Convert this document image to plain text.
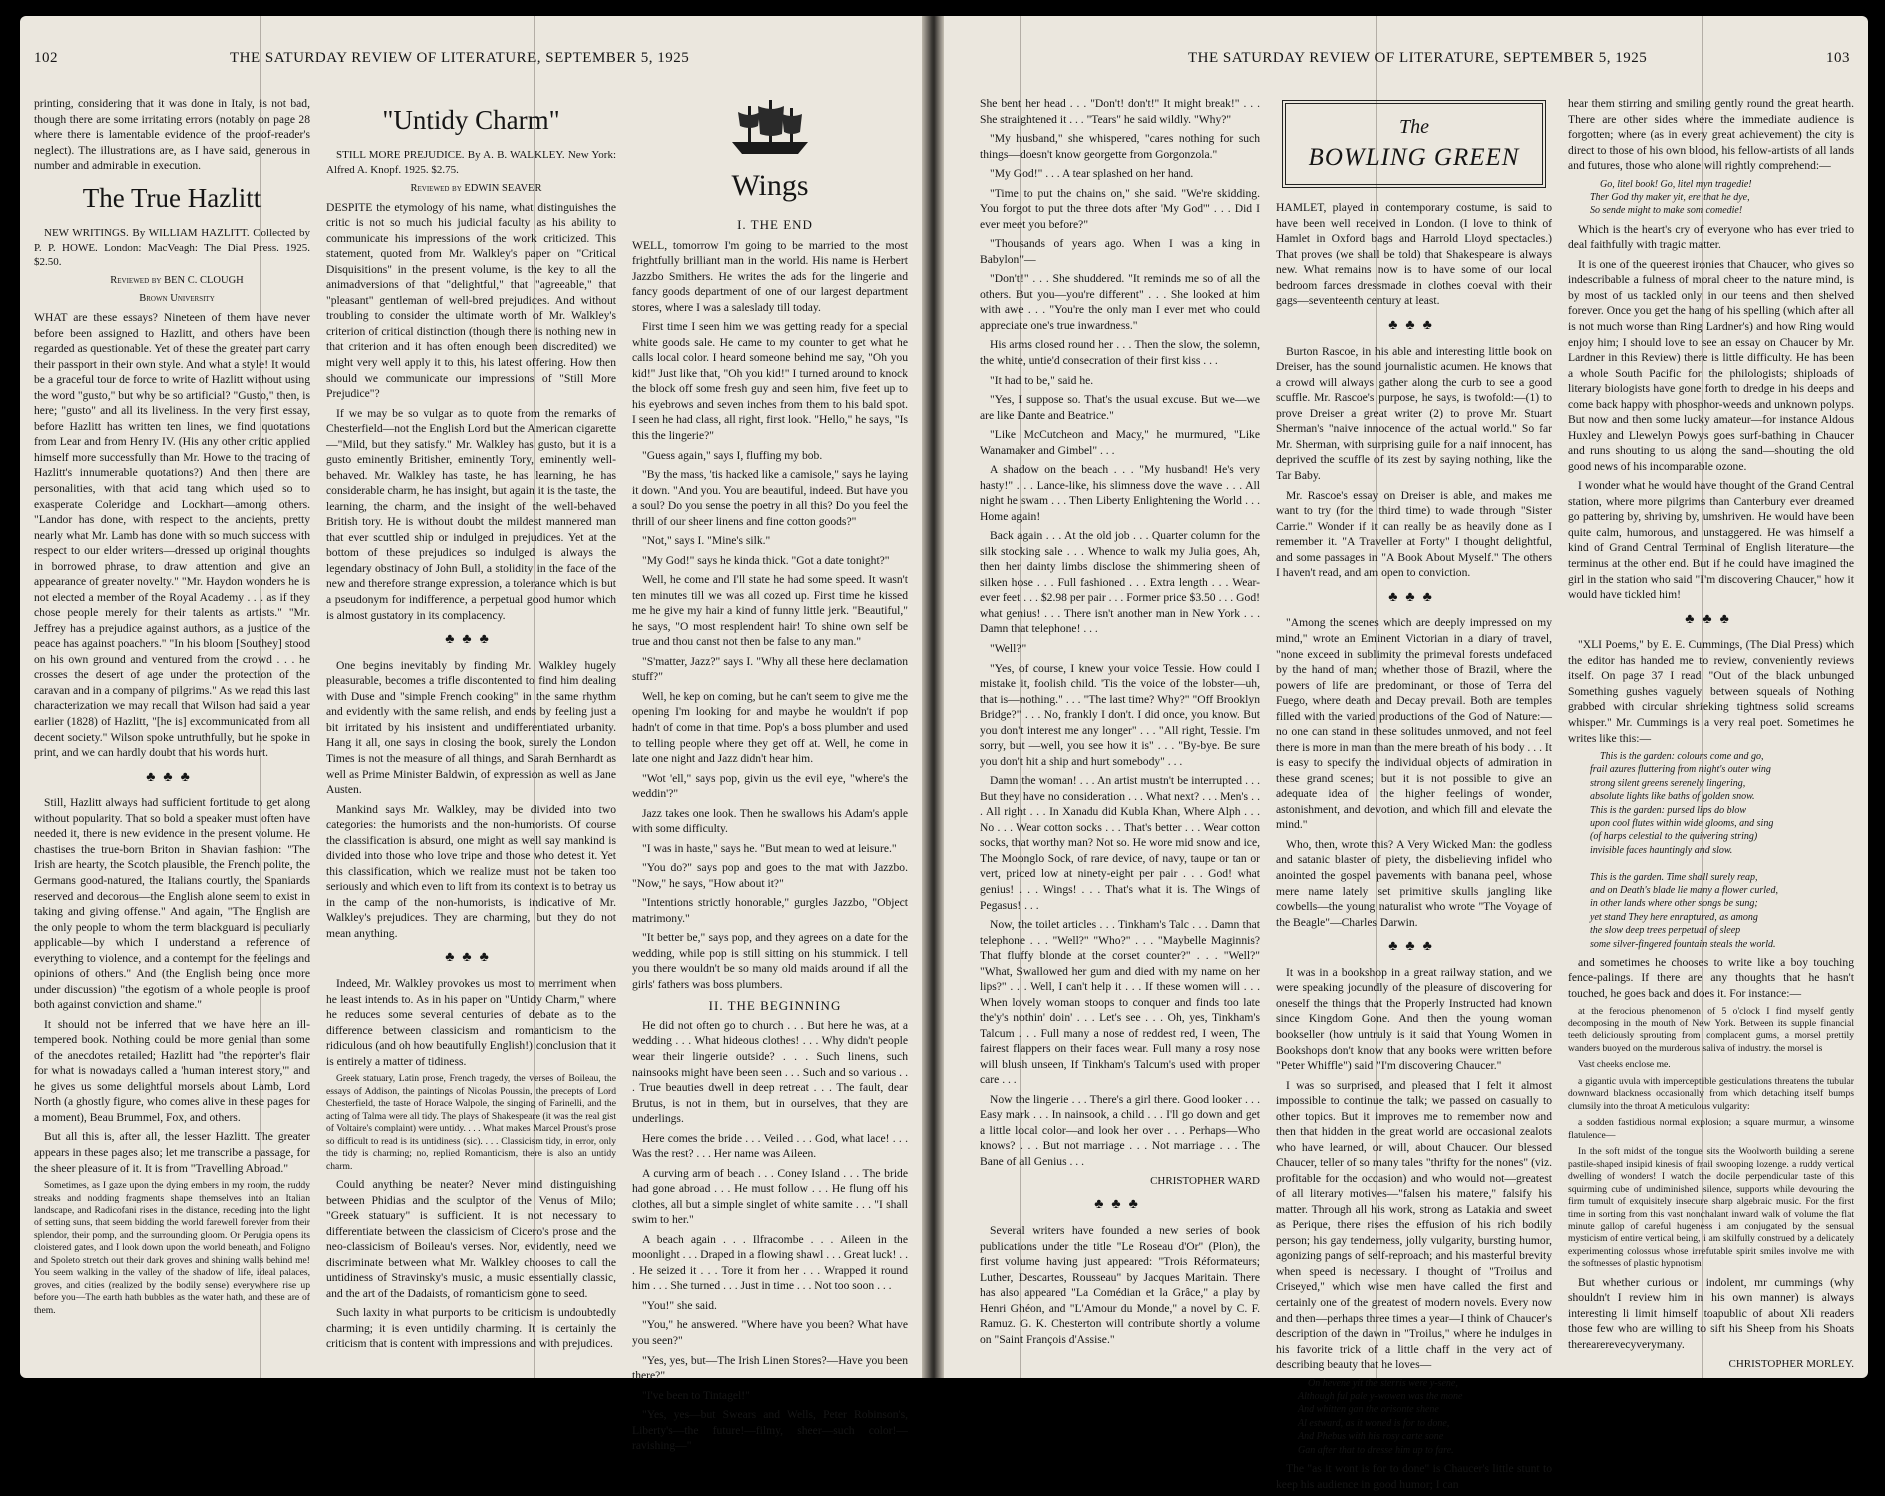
102	THE SATURDAY REVIEW OF LITERATURE, SEPTEMBER 5, 1925

printing, considering that it was done in Italy, is not bad, though there are some irritating errors (notably on page 28 where there is lamentable evidence of the proof-reader's neglect). The illustrations are, as I have said, generous in number and admirable in execution.

The True Hazlitt

NEW WRITINGS. By WILLIAM HAZLITT. Collected by P. P. HOWE. London: MacVeagh: The Dial Press. 1925. $2.50.

Reviewed by BEN C. CLOUGH

Brown University

WHAT are these essays? Nineteen of them have never before been assigned to Hazlitt, and others have been regarded as questionable. Yet of these the greater part carry their passport in their own style. And what a style! It would be a graceful tour de force to write of Hazlitt without using the word "gusto," but why be so artificial? "Gusto," then, is here; "gusto" and all its liveliness. In the very first essay, before Hazlitt has written ten lines, we find quotations from Lear and from Henry IV. (His any other critic applied himself more successfully than Mr. Howe to the tracing of Hazlitt's innumerable quotations?) And then there are personalities, with that acid tang which used so to exasperate Coleridge and Lockhart—among others. "Landor has done, with respect to the ancients, pretty nearly what Mr. Lamb has done with so much success with respect to our elder writers—dressed up original thoughts in borrowed phrase, to draw attention and give an appearance of greater novelty." "Mr. Haydon wonders he is not elected a member of the Royal Academy . . . as if they chose people merely for their talents as artists." "Mr. Jeffrey has a prejudice against authors, as a justice of the peace has against poachers." "In his bloom [Southey] stood on his own ground and ventured from the crowd . . . he crosses the desert of age under the protection of the caravan and in a company of pilgrims." As we read this last characterization we may recall that Wilson had said a year earlier (1828) of Hazlitt, "[he is] excommunicated from all decent society." Wilson spoke untruthfully, but he spoke in print, and we can hardly doubt that his words hurt.

♣♣♣

Still, Hazlitt always had sufficient fortitude to get along without popularity. That so bold a speaker must often have needed it, there is new evidence in the present volume. He chastises the true-born Briton in Shavian fashion: "The Irish are hearty, the Scotch plausible, the French polite, the Germans good-natured, the Italians courtly, the Spaniards reserved and decorous—the English alone seem to exist in taking and giving offense." And again, "The English are the only people to whom the term blackguard is peculiarly applicable—by which I understand a reference of everything to violence, and a contempt for the feelings and opinions of others." And (the English being once more under discussion) "the egotism of a whole people is proof both against conviction and shame."

It should not be inferred that we have here an ill-tempered book. Nothing could be more genial than some of the anecdotes retailed; Hazlitt had "the reporter's flair for what is nowadays called a 'human interest story,'" and he gives us some delightful morsels about Lamb, Lord North (a ghostly figure, who comes alive in these pages for a moment), Beau Brummel, Fox, and others.

But all this is, after all, the lesser Hazlitt. The greater appears in these pages also; let me transcribe a passage, for the sheer pleasure of it. It is from "Travelling Abroad."

Sometimes, as I gaze upon the dying embers in my room, the ruddy streaks and nodding fragments shape themselves into an Italian landscape, and Radicofani rises in the distance, receding into the light of setting suns, that seem bidding the world farewell forever from their splendor, their pomp, and the surrounding gloom. Or Perugia opens its cloistered gates, and I look down upon the world beneath, and Foligno and Spoleto stretch out their dark groves and shining walls behind me! You seem walking in the valley of the shadow of life, ideal palaces, groves, and cities (realized by the bodily sense) everywhere rise up before you—The earth hath bubbles as the water hath, and these are of them.

"Untidy Charm"

STILL MORE PREJUDICE. By A. B. WALKLEY. New York: Alfred A. Knopf. 1925. $2.75.

Reviewed by EDWIN SEAVER

DESPITE the etymology of his name, what distinguishes the critic is not so much his judicial faculty as his ability to communicate his impressions of the work criticized. This statement, quoted from Mr. Walkley's paper on "Critical Disquisitions" in the present volume, is the key to all the animadversions of that "delightful," that "agreeable," that "pleasant" gentleman of well-bred prejudices. And without troubling to consider the ultimate worth of Mr. Walkley's criterion of critical distinction (though there is nothing new in that criterion and it has often enough been discredited) we might very well apply it to this, his latest offering. How then should we communicate our impressions of "Still More Prejudice"?

If we may be so vulgar as to quote from the remarks of Chesterfield—not the English Lord but the American cigarette—"Mild, but they satisfy." Mr. Walkley has gusto, but it is a gusto eminently Britisher, eminently Tory, eminently well-behaved. Mr. Walkley has taste, he has learning, he has considerable charm, he has insight, but again it is the taste, the learning, the charm, and the insight of the well-behaved British tory. He is without doubt the mildest mannered man that ever scuttled ship or indulged in prejudices. Yet at the bottom of these prejudices so indulged is always the legendary obstinacy of John Bull, a stolidity in the face of the new and therefore strange expression, a tolerance which is but a pseudonym for indifference, a perpetual good humor which is almost gustatory in its complacency.

♣♣♣

One begins inevitably by finding Mr. Walkley hugely pleasurable, becomes a trifle discontented to find him dealing with Duse and "simple French cooking" in the same rhythm and evidently with the same relish, and ends by feeling just a bit irritated by his insistent and undifferentiated urbanity. Hang it all, one says in closing the book, surely the London Times is not the measure of all things, and Sarah Bernhardt as well as Prime Minister Baldwin, of expression as well as Jane Austen.

Mankind says Mr. Walkley, may be divided into two categories: the humorists and the non-humorists. Of course the classification is absurd, one might as well say mankind is divided into those who love tripe and those who detest it. Yet this classification, which we realize must not be taken too seriously and which even to lift from its context is to betray us in the camp of the non-humorists, is indicative of Mr. Walkley's prejudices. They are charming, but they do not mean anything.

♣♣♣

Indeed, Mr. Walkley provokes us most to merriment when he least intends to. As in his paper on "Untidy Charm," where he reduces some several centuries of debate as to the difference between classicism and romanticism to the ridiculous (and oh how beautifully English!) conclusion that it is entirely a matter of tidiness.

Greek statuary, Latin prose, French tragedy, the verses of Boileau, the essays of Addison, the paintings of Nicolas Poussin, the precepts of Lord Chesterfield, the taste of Horace Walpole, the singing of Farinelli, and the acting of Talma were all tidy. The plays of Shakespeare (it was the real gist of Voltaire's complaint) were untidy. . . . What makes Marcel Proust's prose so difficult to read is its untidiness (sic). . . . Classicism tidy, in error, only the tidy is charming; no, replied Romanticism, there is also an untidy charm.

Could anything be neater? Never mind distinguishing between Phidias and the sculptor of the Venus of Milo; "Greek statuary" is sufficient. It is not necessary to differentiate between the classicism of Cicero's prose and the neo-classicism of Boileau's verses. Nor, evidently, need we discriminate between what Mr. Walkley chooses to call the untidiness of Stravinsky's music, a music essentially classic, and the art of the Dadaists, of romanticism gone to seed.

Such laxity in what purports to be criticism is undoubtedly charming; it is even untidily charming. It is certainly the criticism that is content with impressions and with prejudices.

Wings

I. THE END

WELL, tomorrow I'm going to be married to the most frightfully brilliant man in the world. His name is Herbert Jazzbo Smithers. He writes the ads for the lingerie and fancy goods department of one of our largest department stores, where I was a saleslady till today.

First time I seen him we was getting ready for a special white goods sale. He came to my counter to get what he calls local color. I heard someone behind me say, "Oh you kid!" Just like that, "Oh you kid!" I turned around to knock the block off some fresh guy and seen him, five feet up to his eyebrows and seven inches from them to his bald spot. I seen he had class, all right, first look. "Hello," he says, "Is this the lingerie?"

"Guess again," says I, fluffing my bob.

"By the mass, 'tis hacked like a camisole," says he laying it down. "And you. You are beautiful, indeed. But have you a soul? Do you sense the poetry in all this? Do you feel the thrill of our sheer linens and fine cotton goods?"

"Not," says I. "Mine's silk."

"My God!" says he kinda thick. "Got a date tonight?"

Well, he come and I'll state he had some speed. It wasn't ten minutes till we was all cozed up. First time he kissed me he give my hair a kind of funny little jerk. "Beautiful," he says, "O most resplendent hair! To shine own self be true and thou canst not then be false to any man."

"S'matter, Jazz?" says I. "Why all these here declamation stuff?"

Well, he kep on coming, but he can't seem to give me the opening I'm looking for and maybe he wouldn't if pop hadn't of come in that time. Pop's a boss plumber and used to telling people where they get off at. Well, he come in late one night and Jazz didn't hear him.

"Wot 'ell," says pop, givin us the evil eye, "where's the weddin'?"

Jazz takes one look. Then he swallows his Adam's apple with some difficulty.

"I was in haste," says he. "But mean to wed at leisure."

"You do?" says pop and goes to the mat with Jazzbo. "Now," he says, "How about it?"

"Intentions strictly honorable," gurgles Jazzbo, "Object matrimony."

"It better be," says pop, and they agrees on a date for the wedding, while pop is still sitting on his stummick. I tell you there wouldn't be so many old maids around if all the girls' fathers was boss plumbers.

II. THE BEGINNING

He did not often go to church . . . But here he was, at a wedding . . . What hideous clothes! . . . Why didn't people wear their lingerie outside? . . . Such linens, such nainsooks might have been seen . . . Such and so various . . . True beauties dwell in deep retreat . . . The fault, dear Brutus, is not in them, but in ourselves, that they are underlings.

Here comes the bride . . . Veiled . . . God, what lace! . . . Was the rest? . . . Her name was Aileen.

A curving arm of beach . . . Coney Island . . . The bride had gone abroad . . . He must follow . . . He flung off his clothes, all but a simple singlet of white samite . . . "I shall swim to her."

A beach again . . . Ilfracombe . . . Aileen in the moonlight . . . Draped in a flowing shawl . . . Great luck! . . . He seized it . . . Tore it from her . . . Wrapped it round him . . . She turned . . . Just in time . . . Not too soon . . .

"You!" she said.

"You," he answered. "Where have you been? What have you seen?"

"Yes, yes, but—The Irish Linen Stores?—Have you been there?"

"I've been to Tintagel!"

"Yes, yes—but Swears and Wells, Peter Robinson's, Liberty's—the future!—filmy, sheer—such color!—ravishing—"

THE SATURDAY REVIEW OF LITERATURE, SEPTEMBER 5, 1925	103

She bent her head . . . "Don't! don't!" It might break!" . . . She straightened it . . . "Tears" he said wildly. "Why?"

"My husband," she whispered, "cares nothing for such things—doesn't know georgette from Gorgonzola."

"My God!" . . . A tear splashed on her hand.

"Time to put the chains on," she said. "We're skidding. You forgot to put the three dots after 'My God'" . . . Did I ever meet you before?"

"Thousands of years ago. When I was a king in Babylon"—

"Don't!" . . . She shuddered. "It reminds me so of all the others. But you—you're different" . . . She looked at him with awe . . . "You're the only man I ever met who could appreciate one's true inwardness."

His arms closed round her . . . Then the slow, the solemn, the white, untie'd consecration of their first kiss . . .

"It had to be," said he.

"Yes, I suppose so. That's the usual excuse. But we—we are like Dante and Beatrice."

"Like McCutcheon and Macy," he murmured, "Like Wanamaker and Gimbel" . . .

A shadow on the beach . . . "My husband! He's very hasty!" . . . Lance-like, his slimness dove the wave . . . All night he swam . . . Then Liberty Enlightening the World . . . Home again!

Back again . . . At the old job . . . Quarter column for the silk stocking sale . . . Whence to walk my Julia goes, Ah, then her dainty limbs disclose the shimmering sheen of silken hose . . . Full fashioned . . . Extra length . . . Wear-ever feet . . . $2.98 per pair . . . Former price $3.50 . . . God! what genius! . . . There isn't another man in New York . . . Damn that telephone! . . .

"Well?"

"Yes, of course, I knew your voice Tessie. How could I mistake it, foolish child. 'Tis the voice of the lobster—uh, that is—nothing." . . . "The last time? Why?" "Off Brooklyn Bridge?" . . . No, frankly I don't. I did once, you know. But you don't interest me any longer" . . . "All right, Tessie. I'm sorry, but —well, you see how it is" . . . "By-bye. Be sure you don't hit a ship and hurt somebody" . . .

Damn the woman! . . . An artist mustn't be interrupted . . . But they have no consideration . . . What next? . . . Men's . . . All right . . . In Xanadu did Kubla Khan, Where Alph . . . No . . . Wear cotton socks . . . That's better . . . Wear cotton socks, that worthy man? Not so. He wore mid snow and ice, The Moonglo Sock, of rare device, of navy, taupe or tan or vert, priced low at ninety-eight per pair . . . God! what genius! . . . Wings! . . . That's what it is. The Wings of Pegasus! . . .

Now, the toilet articles . . . Tinkham's Talc . . . Damn that telephone . . . "Well?" "Who?" . . . "Maybelle Maginnis? That fluffy blonde at the corset counter?" . . . "Well?" "What, Swallowed her gum and died with my name on her lips?" . . . Well, I can't help it . . . If these women will . . . When lovely woman stoops to conquer and finds too late the'y's nothin' doin' . . . Let's see . . . Oh, yes, Tinkham's Talcum . . . Full many a nose of reddest red, I ween, The fairest flappers on their faces wear. Full many a rosy nose will blush unseen, If Tinkham's Talcum's used with proper care . . .

Now the lingerie . . . There's a girl there. Good looker . . . Easy mark . . . In nainsook, a child . . . I'll go down and get a little local color—and look her over . . . Perhaps—Who knows? . . . But not marriage . . . Not marriage . . . The Bane of all Genius . . .

CHRISTOPHER WARD

♣♣♣

Several writers have founded a new series of book publications under the title "Le Roseau d'Or" (Plon), the first volume having just appeared: "Trois Réformateurs; Luther, Descartes, Rousseau" by Jacques Maritain. There has also appeared "La Comédian et la Grâce," a play by Henri Ghéon, and "L'Amour du Monde," a novel by C. F. Ramuz. G. K. Chesterton will contribute shortly a volume on "Saint François d'Assise."

The
BOWLING GREEN

HAMLET, played in contemporary costume, is said to have been well received in London. (I love to think of Hamlet in Oxford bags and Harrold Lloyd spectacles.) That proves (we shall be told) that Shakespeare is always new. What remains now is to have some of our local bedroom farces dressmade in clothes coeval with their gags—seventeenth century at least.

♣♣♣

Burton Rascoe, in his able and interesting little book on Dreiser, has the sound journalistic acumen. He knows that a crowd will always gather along the curb to see a good scuffle. Mr. Rascoe's purpose, he says, is twofold:—(1) to prove Dreiser a great writer (2) to prove Mr. Stuart Sherman's "naive innocence of the actual world." So far Mr. Sherman, with surprising guile for a naif innocent, has deprived the scuffle of its zest by saying nothing, like the Tar Baby.

Mr. Rascoe's essay on Dreiser is able, and makes me want to try (for the third time) to wade through "Sister Carrie." Wonder if it can really be as heavily done as I remember it. "A Traveller at Forty" I thought delightful, and some passages in "A Book About Myself." The others I haven't read, and am open to conviction.

♣♣♣

"Among the scenes which are deeply impressed on my mind," wrote an Eminent Victorian in a diary of travel, "none exceed in sublimity the primeval forests undefaced by the hand of man; whether those of Brazil, where the powers of life are predominant, or those of Terra del Fuego, where death and Decay prevail. Both are temples filled with the varied productions of the God of Nature:—no one can stand in these solitudes unmoved, and not feel there is more in man than the mere breath of his body . . . It is easy to specify the individual objects of admiration in these grand scenes; but it is not possible to give an adequate idea of the higher feelings of wonder, astonishment, and devotion, and which fill and elevate the mind."

Who, then, wrote this? A Very Wicked Man: the godless and satanic blaster of piety, the disbelieving infidel who anointed the gospel pavements with banana peel, whose mere name lately set primitive skulls jangling like cowbells—the young naturalist who wrote "The Voyage of the Beagle"—Charles Darwin.

♣♣♣

It was in a bookshop in a great railway station, and we were speaking jocundly of the pleasure of discovering for oneself the things that the Properly Instructed had known since Kingdom Gone. And then the young woman bookseller (how untruly is it said that Young Women in Bookshops don't know that any books were written before "Peter Whiffle") said "I'm discovering Chaucer."

I was so surprised, and pleased that I felt it almost impossible to continue the talk; we passed on casually to other topics. But it improves me to remember now and then that hidden in the great world are occasional zealots who have learned, or will, about Chaucer. Our blessed Chaucer, teller of so many tales "thrifty for the nones" (viz. profitable for the occasion) and who would not—greatest of all literary motives—"falsen his matere," falsify his matter. Through all his work, strong as Latakia and sweet as Perique, there rises the effusion of his rich bodily person; his gay tenderness, jolly vulgarity, bursting humor, agonizing pangs of self-reproach; and his masterful brevity when speed is necessary. I thought of "Troilus and Criseyed," which wise men have called the first and certainly one of the greatest of modern novels. Every now and then—perhaps three times a year—I think of Chaucer's description of the dawn in "Troilus," where he indulges in his favorite trick of a little chaff in the very act of describing beauty that he loves—

On hevene yit the sterris were y-sene,
Although ful pale y-wowen was the mone
And whitten gan the orisonte shene
Al estward, as it woned is for to done,
And Phebus with his rosy carte sone
Gan after that to dresse him up to fare.

The "as it wont is for to done" is Chaucer's little stunt to keep his audience in good humor; I can

hear them stirring and smiling gently round the great hearth. There are other sides where the immediate audience is forgotten; where (as in every great achievement) the city is direct to those of his own blood, his fellow-artists of all lands and futures, those who alone will rightly comprehend:—

Go, litel book! Go, litel myn tragedie!
Ther God thy maker yit, ere that he dye,
So sende might to make som comedie!

Which is the heart's cry of everyone who has ever tried to deal faithfully with tragic matter.

It is one of the queerest ironies that Chaucer, who gives so indescribable a fulness of moral cheer to the nature mind, is by most of us tackled only in our teens and then shelved forever. Once you get the hang of his spelling (which after all is not much worse than Ring Lardner's) and how Ring would enjoy him; I should love to see an essay on Chaucer by Mr. Lardner in this Review) there is little difficulty. He has been a whole South Pacific for the philologists; shiploads of literary biologists have gone forth to dredge in his deeps and come back happy with phosphor-weeds and unknown polyps. But now and then some lucky amateur—for instance Aldous Huxley and Llewelyn Powys goes surf-bathing in Chaucer and runs shouting to us along the sand—shouting the old good news of his incomparable ozone.

I wonder what he would have thought of the Grand Central station, where more pilgrims than Canterbury ever dreamed go pattering by, shriving by, umshriven. He would have been quite calm, humorous, and unstaggered. He was himself a kind of Grand Central Terminal of English literature—the terminus at the other end. But if he could have imagined the girl in the station who said "I'm discovering Chaucer," how it would have tickled him!

♣♣♣

"XLI Poems," by E. E. Cummings, (The Dial Press) which the editor has handed me to review, conveniently reviews itself. On page 37 I read "Out of the black unbunged Something gushes vaguely between squeals of Nothing grabbed with circular shrieking tightness solid screams whisper." Mr. Cummings is a very real poet. Sometimes he writes like this:—

This is the garden: colours come and go,
frail azures fluttering from night's outer wing
strong silent greens serenely lingering,
absolute lights like baths of golden snow.
This is the garden: pursed lips do blow
upon cool flutes within wide glooms, and sing
(of harps celestial to the quivering string)
invisible faces hauntingly and slow.

This is the garden. Time shall surely reap,
and on Death's blade lie many a flower curled,
in other lands where other songs be sung;
yet stand They here enraptured, as among
the slow deep trees perpetual of sleep
some silver-fingered fountain steals the world.

and sometimes he chooses to write like a boy touching fence-palings. If there are any thoughts that he hasn't touched, he goes back and does it. For instance:—

at the ferocious phenomenon of 5 o'clock I find myself gently decomposing in the mouth of New York. Between its supple financial teeth deliciously sprouting from complacent gums, a morsel prettily wanders buoyed on the murderous saliva of industry. the morsel is

Vast cheeks enclose me.

a gigantic uvula with imperceptible gesticulations threatens the tubular downward blackness occasionally from which detaching itself bumps clumsily into the throat A meticulous vulgarity:

a sodden fastidious normal explosion; a square murmur, a winsome flatulence—

In the soft midst of the tongue sits the Woolworth building a serene pastile-shaped insipid kinesis of frail swooping lozenge. a ruddy vertical dwelling of wonders! I watch the docile perpendicular taste of this squirming cube of undiminished silence, supports while devouring the firm tumult of exquisitely insecure sharp algebraic music. For the first time in sorting from this vast nonchalant inward walk of volume the flat minute gallop of careful hugeness i am conjugated by the sensual mysticism of entire vertical being, i am skilfully construed by a delicately experimenting colossus whose irrefutable spirit smiles involve me with the softnesses of plastic hypnotism

But whether curious or indolent, mr cummings (why shouldn't I review him in his own manner) is always interesting li limit himself toapublic of about Xli readers those few who are willing to sift his Sheep from his Shoats therearerevecyverymany.

CHRISTOPHER MORLEY.
